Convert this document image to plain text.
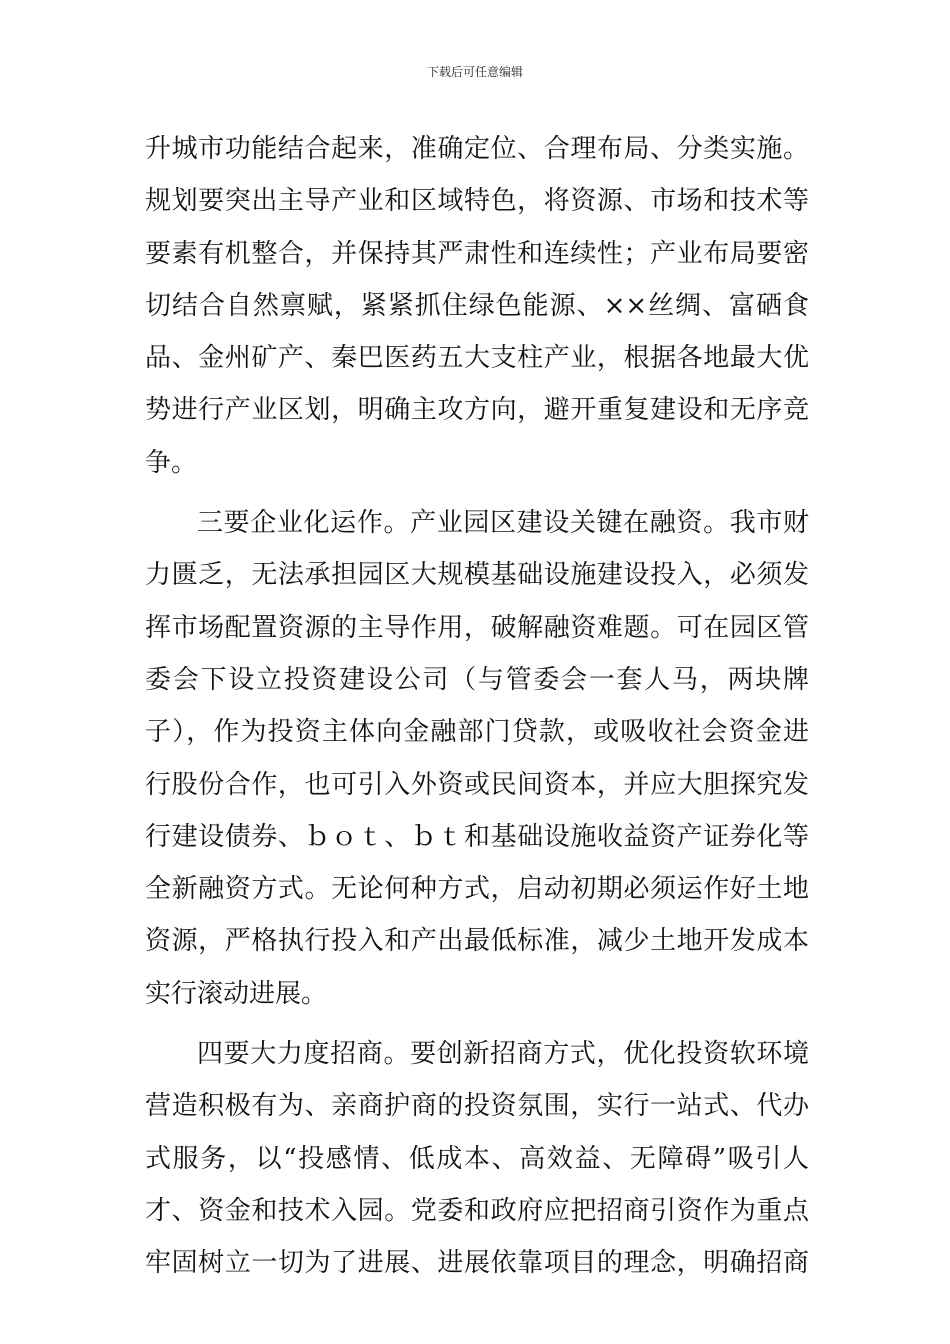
下载后可任意编辑
升城市功能结合起来，准确定位、合理布局、分类实施。
规划要突出主导产业和区域特色，将资源、市场和技术等
要素有机整合，并保持其严肃性和连续性；产业布局要密
切结合自然禀赋，紧紧抓住绿色能源、××丝绸、富硒食
品、金州矿产、秦巴医药五大支柱产业，根据各地最大优
势进行产业区划，明确主攻方向，避开重复建设和无序竞
争。
三要企业化运作。产业园区建设关键在融资。我市财
力匮乏，无法承担园区大规模基础设施建设投入，必须发
挥市场配置资源的主导作用，破解融资难题。可在园区管
委会下设立投资建设公司（与管委会一套人马，两块牌
子），作为投资主体向金融部门贷款，或吸收社会资金进
行股份合作，也可引入外资或民间资本，并应大胆探究发
行建设债券、ｂｏｔ、ｂｔ和基础设施收益资产证券化等
全新融资方式。无论何种方式，启动初期必须运作好土地
资源，严格执行投入和产出最低标准，减少土地开发成本
实行滚动进展。
四要大力度招商。要创新招商方式，优化投资软环境
营造积极有为、亲商护商的投资氛围，实行一站式、代办
式服务，以“投感情、低成本、高效益、无障碍”吸引人
才、资金和技术入园。党委和政府应把招商引资作为重点
牢固树立一切为了进展、进展依靠项目的理念，明确招商
